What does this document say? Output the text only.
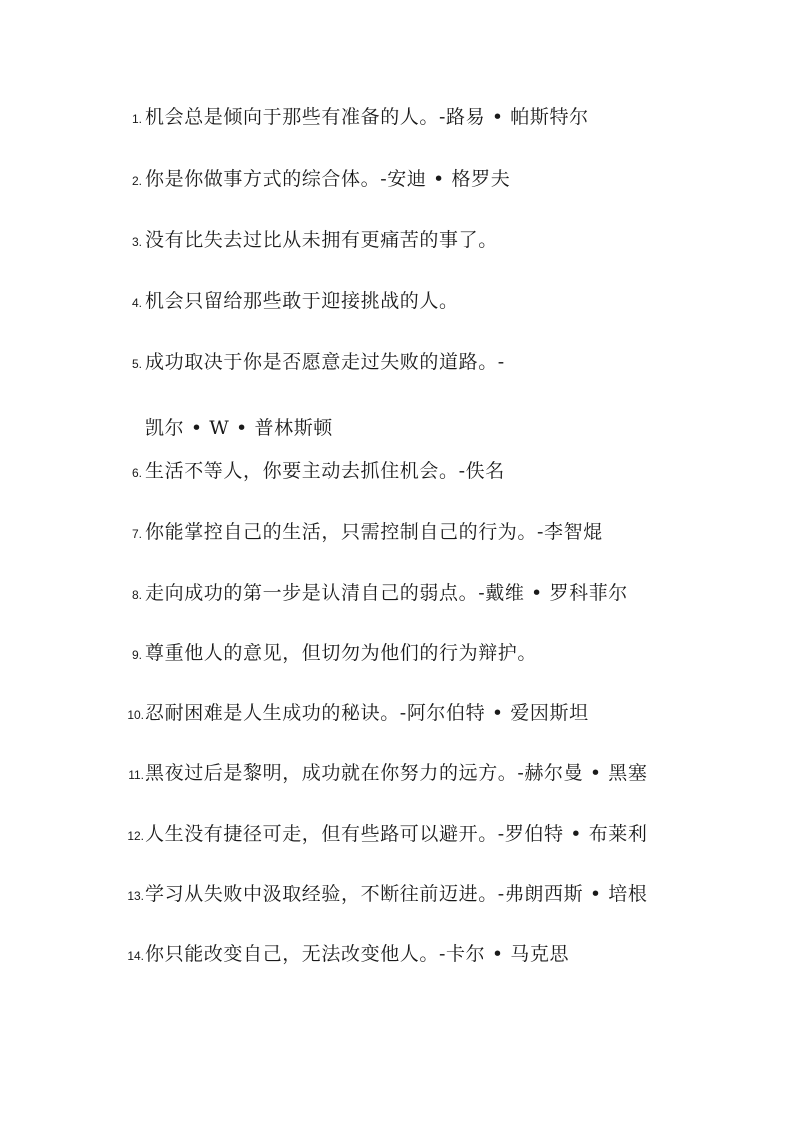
1. 机会总是倾向于那些有准备的人。-路易 • 帕斯特尔
2. 你是你做事方式的综合体。-安迪 • 格罗夫
3. 没有比失去过比从未拥有更痛苦的事了。
4. 机会只留给那些敢于迎接挑战的人。
5. 成功取决于你是否愿意走过失败的道路。-
凯尔 • W • 普林斯顿
6. 生活不等人，你要主动去抓住机会。-佚名
7. 你能掌控自己的生活，只需控制自己的行为。-李智焜
8. 走向成功的第一步是认清自己的弱点。-戴维 • 罗科菲尔
9. 尊重他人的意见，但切勿为他们的行为辩护。
10. 忍耐困难是人生成功的秘诀。-阿尔伯特 • 爱因斯坦
11. 黑夜过后是黎明，成功就在你努力的远方。-赫尔曼 • 黑塞
12. 人生没有捷径可走，但有些路可以避开。-罗伯特 • 布莱利
13. 学习从失败中汲取经验，不断往前迈进。-弗朗西斯 • 培根
14. 你只能改变自己，无法改变他人。-卡尔 • 马克思
